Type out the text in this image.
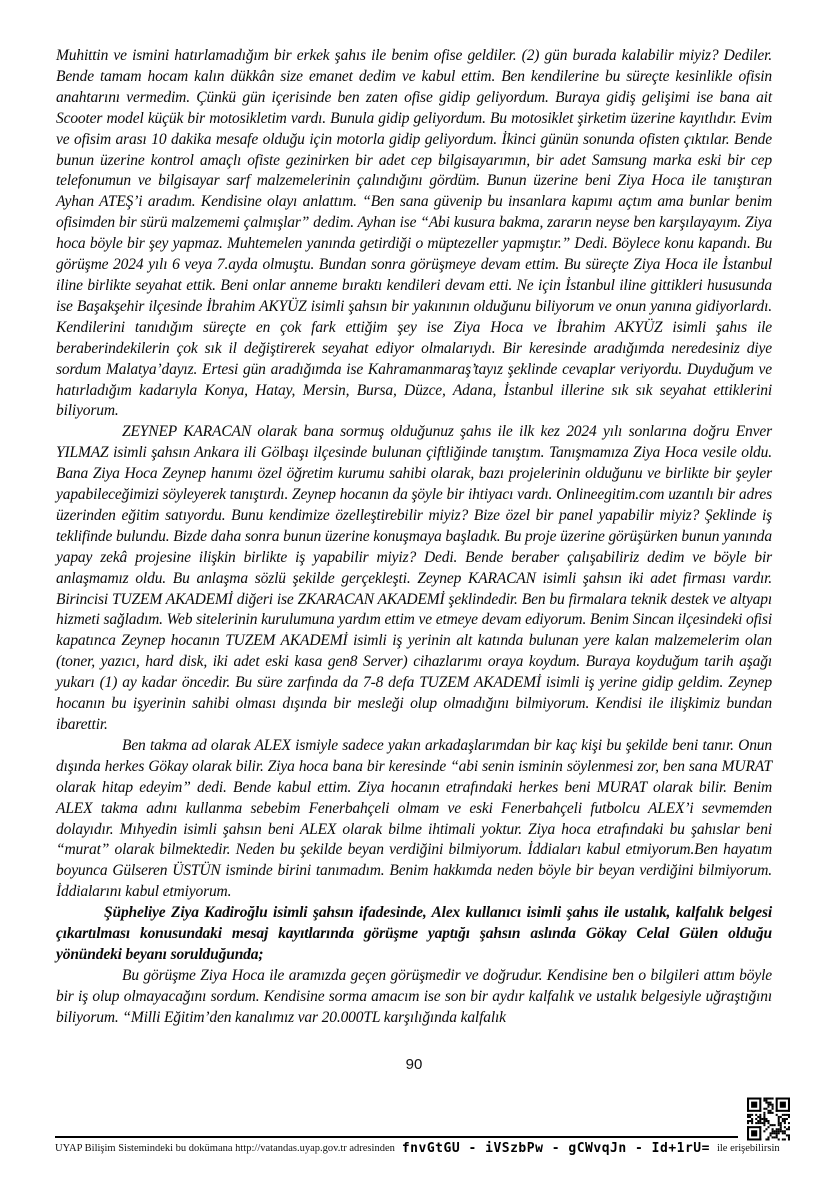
Muhittin ve ismini hatırlamadığım bir erkek şahıs ile benim ofise geldiler. (2) gün burada kalabilir miyiz? Dediler. Bende tamam hocam kalın dükkân size emanet dedim ve kabul ettim. Ben kendilerine bu süreçte kesinlikle ofisin anahtarını vermedim. Çünkü gün içerisinde ben zaten ofise gidip geliyordum. Buraya gidiş gelişimi ise bana ait Scooter model küçük bir motosikletim vardı. Bunula gidip geliyordum. Bu motosiklet şirketim üzerine kayıtlıdır. Evim ve ofisim arası 10 dakika mesafe olduğu için motorla gidip geliyordum. İkinci günün sonunda ofisten çıktılar. Bende bunun üzerine kontrol amaçlı ofiste gezinirken bir adet cep bilgisayarımın, bir adet Samsung marka eski bir cep telefonumun ve bilgisayar sarf malzemelerinin çalındığını gördüm. Bunun üzerine beni Ziya Hoca ile tanıştıran Ayhan ATEŞ’i aradım. Kendisine olayı anlattım. “Ben sana güvenip bu insanlara kapımı açtım ama bunlar benim ofisimden bir sürü malzememi çalmışlar” dedim. Ayhan ise “Abi kusura bakma, zararın neyse ben karşılayayım. Ziya hoca böyle bir şey yapmaz. Muhtemelen yanında getirdiği o müptezeller yapmıştır.” Dedi. Böylece konu kapandı. Bu görüşme 2024 yılı 6 veya 7.ayda olmuştu. Bundan sonra görüşmeye devam ettim. Bu süreçte Ziya Hoca ile İstanbul iline birlikte seyahat ettik. Beni onlar anneme bıraktı kendileri devam etti. Ne için İstanbul iline gittikleri hususunda ise Başakşehir ilçesinde İbrahim AKYÜZ isimli şahsın bir yakınının olduğunu biliyorum ve onun yanına gidiyorlardı. Kendilerini tanıdığım süreçte en çok fark ettiğim şey ise Ziya Hoca ve İbrahim AKYÜZ isimli şahıs ile beraberindekilerin çok sık il değiştirerek seyahat ediyor olmalarıydı. Bir keresinde aradığımda neredesiniz diye sordum Malatya’dayız. Ertesi gün aradığımda ise Kahramanmaraş’tayız şeklinde cevaplar veriyordu. Duyduğum ve hatırladığım kadarıyla Konya, Hatay, Mersin, Bursa, Düzce, Adana, İstanbul illerine sık sık seyahat ettiklerini biliyorum.

ZEYNEP KARACAN olarak bana sormuş olduğunuz şahıs ile ilk kez 2024 yılı sonlarına doğru Enver YILMAZ isimli şahsın Ankara ili Gölbaşı ilçesinde bulunan çiftliğinde tanıştım. Tanışmamıza Ziya Hoca vesile oldu. Bana Ziya Hoca Zeynep hanımı özel öğretim kurumu sahibi olarak, bazı projelerinin olduğunu ve birlikte bir şeyler yapabileceğimizi söyleyerek tanıştırdı. Zeynep hocanın da şöyle bir ihtiyacı vardı. Onlineegitim.com uzantılı bir adres üzerinden eğitim satıyordu. Bunu kendimize özelleştirebilir miyiz? Bize özel bir panel yapabilir miyiz? Şeklinde iş teklifinde bulundu. Bizde daha sonra bunun üzerine konuşmaya başladık. Bu proje üzerine görüşürken bunun yanında yapay zekâ projesine ilişkin birlikte iş yapabilir miyiz? Dedi. Bende beraber çalışabiliriz dedim ve böyle bir anlaşmamız oldu. Bu anlaşma sözlü şekilde gerçekleşti. Zeynep KARACAN isimli şahsın iki adet firması vardır. Birincisi TUZEM AKADEMİ diğeri ise ZKARACAN AKADEMİ şeklindedir. Ben bu firmalara teknik destek ve altyapı hizmeti sağladım. Web sitelerinin kurulumuna yardım ettim ve etmeye devam ediyorum. Benim Sincan ilçesindeki ofisi kapatınca Zeynep hocanın TUZEM AKADEMİ isimli iş yerinin alt katında bulunan yere kalan malzemelerim olan (toner, yazıcı, hard disk, iki adet eski kasa gen8 Server) cihazlarımı oraya koydum. Buraya koyduğum tarih aşağı yukarı (1) ay kadar öncedir. Bu süre zarfında da 7-8 defa TUZEM AKADEMİ isimli iş yerine gidip geldim. Zeynep hocanın bu işyerinin sahibi olması dışında bir mesleği olup olmadığını bilmiyorum. Kendisi ile ilişkimiz bundan ibarettir.

Ben takma ad olarak ALEX ismiyle sadece yakın arkadaşlarımdan bir kaç kişi bu şekilde beni tanır. Onun dışında herkes Gökay olarak bilir. Ziya hoca bana bir keresinde “abi senin isminin söylenmesi zor, ben sana MURAT olarak hitap edeyim” dedi. Bende kabul ettim. Ziya hocanın etrafındaki herkes beni MURAT olarak bilir. Benim ALEX takma adını kullanma sebebim Fenerbahçeli olmam ve eski Fenerbahçeli futbolcu ALEX’i sevmemden dolayıdır. Mıhyedin isimli şahsın beni ALEX olarak bilme ihtimali yoktur. Ziya hoca etrafındaki bu şahıslar beni “murat” olarak bilmektedir. Neden bu şekilde beyan verdiğini bilmiyorum. İddiaları kabul etmiyorum.Ben hayatım boyunca Gülseren ÜSTÜN isminde birini tanımadım. Benim hakkımda neden böyle bir beyan verdiğini bilmiyorum. İddialarını kabul etmiyorum.

Şüpheliye Ziya Kadiroğlu isimli şahsın ifadesinde, Alex kullanıcı isimli şahıs ile ustalık, kalfalık belgesi çıkartılması konusundaki mesaj kayıtlarında görüşme yaptığı şahsın aslında Gökay Celal Gülen olduğu yönündeki beyanı sorulduğunda;

Bu görüşme Ziya Hoca ile aramızda geçen görüşmedir ve doğrudur. Kendisine ben o bilgileri attım böyle bir iş olup olmayacağını sordum. Kendisine sorma amacım ise son bir aydır kalfalık ve ustalık belgesiyle uğraştığını biliyorum. “Milli Eğitim’den kanalımız var 20.000TL karşılığında kalfalık

90
UYAP Bilişim Sistemindeki bu dokümana http://vatandas.uyap.gov.tr adresinden fnvGtGU - iVSzbPw - gCWvqJn - Id+1rU= ile erişebilirsin
